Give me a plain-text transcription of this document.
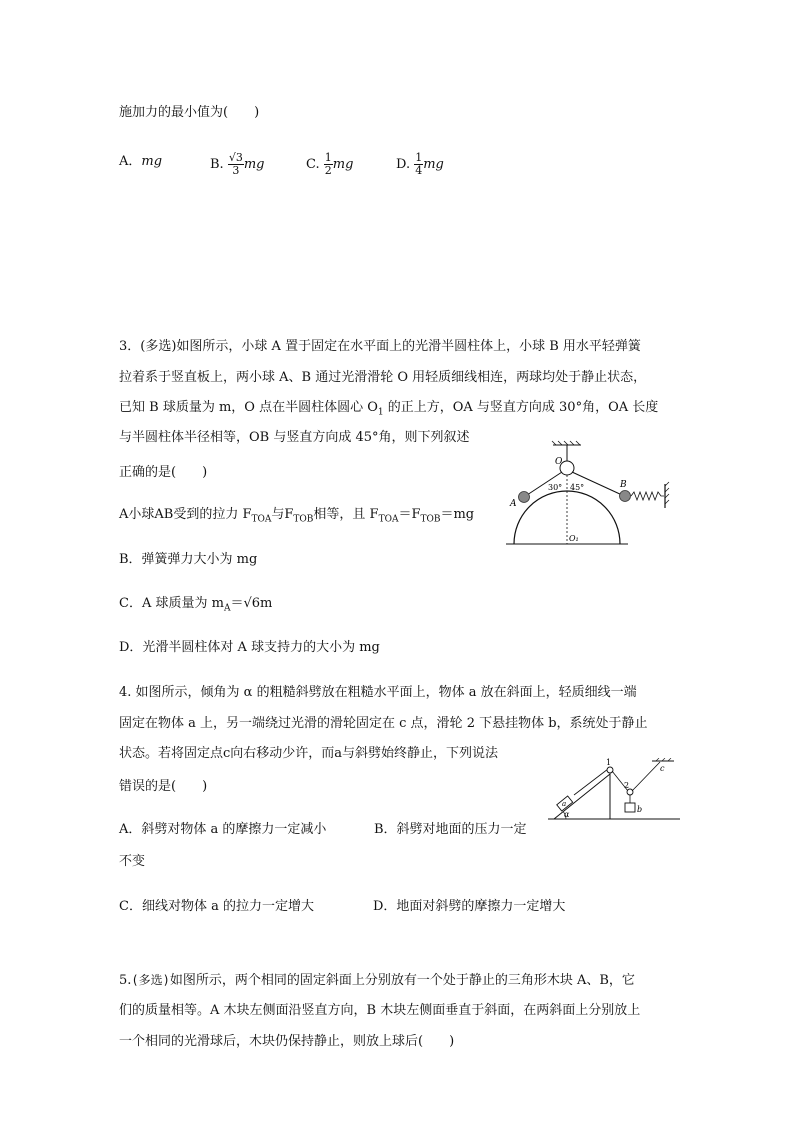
施加力的最小值为(　　)
A．mg	B. $\frac{√3}{3}$ mg	C. $\frac{1}{2}$ mg	D. $\frac{1}{4}$ mg
3．(多选)如图所示，小球 A 置于固定在水平面上的光滑半圆柱体上，小球 B 用水平轻弹簧
拉着系于竖直板上，两小球 A、B 通过光滑滑轮 O 用轻质细线相连，两球均处于静止状态，
已知 B 球质量为 m，O 点在半圆柱体圆心 $O_1$ 的正上方，OA 与竖直方向成 30°角，OA 长度
与半圆柱体半径相等，OB 与竖直方向成 45°角，则下列叙述
正确的是(　　)
A小球AB受到的拉力 $F_{TOA}$与$F_{TOB}$相等，且 $F_{TOA}=F_{TOB}=mg$
B．弹簧弹力大小为 mg
C．A 球质量为 $m_A=√6m$
D．光滑半圆柱体对 A 球支持力的大小为 mg
O
30° 45°
O₁
A
B
4. 如图所示，倾角为 α 的粗糙斜劈放在粗糙水平面上，物体 a 放在斜面上，轻质细线一端
固定在物体 a 上，另一端绕过光滑的滑轮固定在 c 点，滑轮 2 下悬挂物体 b，系统处于静止
状态。若将固定点c向右移动少许，而a与斜劈始终静止，下列说法
错误的是(　　)
A．斜劈对物体 a 的摩擦力一定减小	B．斜劈对地面的压力一定
不变
C．细线对物体 a 的拉力一定增大	D．地面对斜劈的摩擦力一定增大
α
a
1
2
c
b
5.(多选)如图所示，两个相同的固定斜面上分别放有一个处于静止的三角形木块 A、B，它
们的质量相等。A 木块左侧面沿竖直方向，B 木块左侧面垂直于斜面，在两斜面上分别放上
一个相同的光滑球后，木块仍保持静止，则放上球后(　　)
